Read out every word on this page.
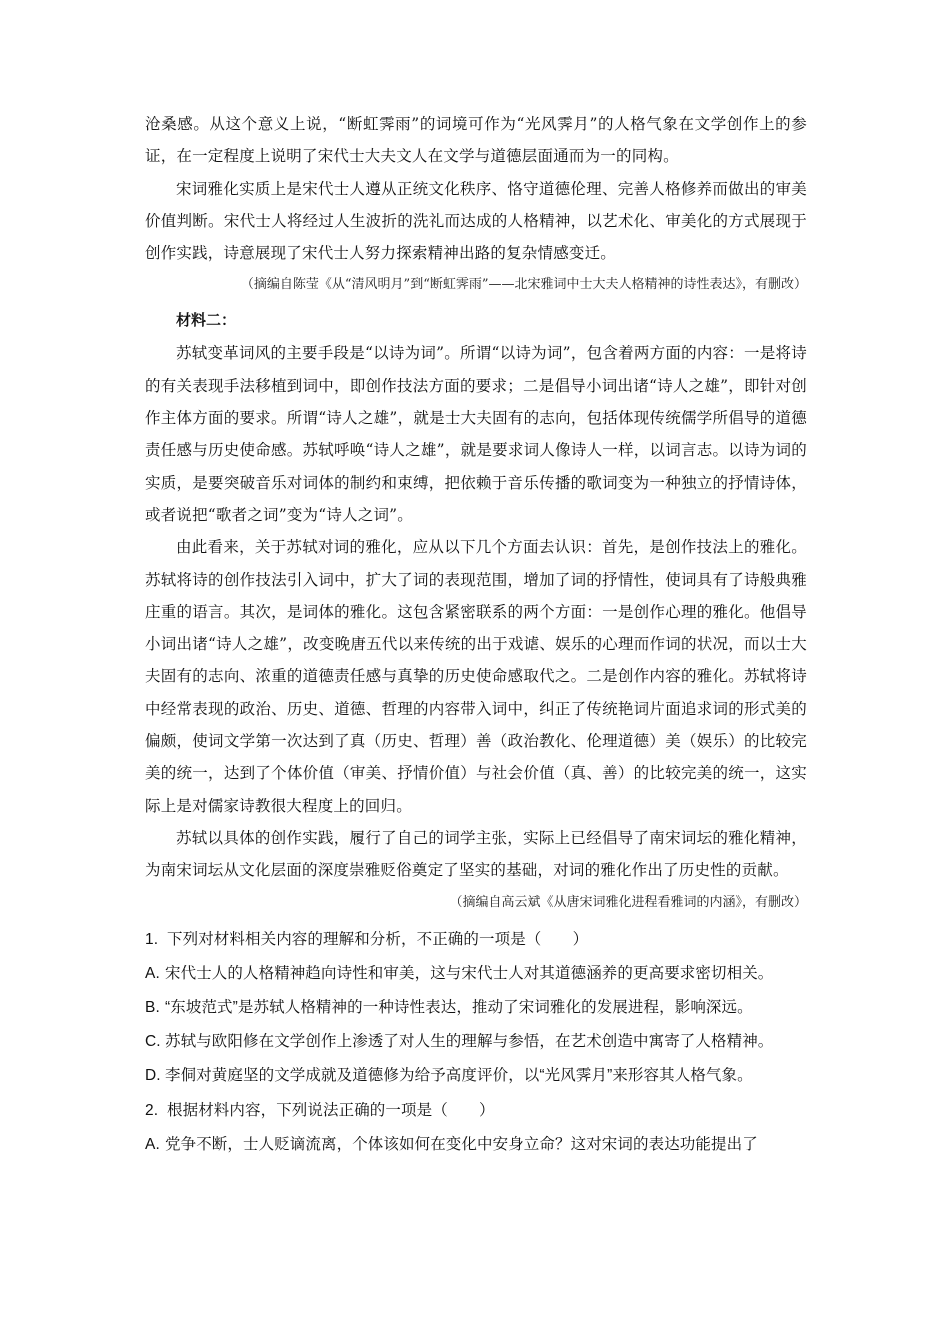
沧桑感。从这个意义上说，“断虹霁雨”的词境可作为“光风霁月”的人格气象在文学创作上的参证，在一定程度上说明了宋代士大夫文人在文学与道德层面通而为一的同构。

宋词雅化实质上是宋代士人遵从正统文化秩序、恪守道德伦理、完善人格修养而做出的审美价值判断。宋代士人将经过人生波折的洗礼而达成的人格精神，以艺术化、审美化的方式展现于创作实践，诗意展现了宋代士人努力探索精神出路的复杂情感变迁。

（摘编自陈莹《从“清风明月”到“断虹霁雨”——北宋雅词中士大夫人格精神的诗性表达》，有删改）

材料二：

苏轼变革词风的主要手段是“以诗为词”。所谓“以诗为词”，包含着两方面的内容：一是将诗的有关表现手法移植到词中，即创作技法方面的要求；二是倡导小词出诸“诗人之雄”，即针对创作主体方面的要求。所谓“诗人之雄”，就是士大夫固有的志向，包括体现传统儒学所倡导的道德责任感与历史使命感。苏轼呼唤“诗人之雄”，就是要求词人像诗人一样，以词言志。以诗为词的实质，是要突破音乐对词体的制约和束缚，把依赖于音乐传播的歌词变为一种独立的抒情诗体，或者说把“歌者之词”变为“诗人之词”。

由此看来，关于苏轼对词的雅化，应从以下几个方面去认识：首先，是创作技法上的雅化。苏轼将诗的创作技法引入词中，扩大了词的表现范围，增加了词的抒情性，使词具有了诗般典雅庄重的语言。其次，是词体的雅化。这包含紧密联系的两个方面：一是创作心理的雅化。他倡导小词出诸“诗人之雄”，改变晚唐五代以来传统的出于戏谑、娱乐的心理而作词的状况，而以士大夫固有的志向、浓重的道德责任感与真挚的历史使命感取代之。二是创作内容的雅化。苏轼将诗中经常表现的政治、历史、道德、哲理的内容带入词中，纠正了传统艳词片面追求词的形式美的偏颇，使词文学第一次达到了真（历史、哲理）善（政治教化、伦理道德）美（娱乐）的比较完美的统一，达到了个体价值（审美、抒情价值）与社会价值（真、善）的比较完美的统一，这实际上是对儒家诗教很大程度上的回归。

苏轼以具体的创作实践，履行了自己的词学主张，实际上已经倡导了南宋词坛的雅化精神，为南宋词坛从文化层面的深度崇雅贬俗奠定了坚实的基础，对词的雅化作出了历史性的贡献。

（摘编自高云斌《从唐宋词雅化进程看雅词的内涵》，有删改）

1. 下列对材料相关内容的理解和分析，不正确的一项是（　　）

A. 宋代士人的人格精神趋向诗性和审美，这与宋代士人对其道德涵养的更高要求密切相关。

B. “东坡范式”是苏轼人格精神的一种诗性表达，推动了宋词雅化的发展进程，影响深远。

C. 苏轼与欧阳修在文学创作上渗透了对人生的理解与参悟，在艺术创造中寓寄了人格精神。

D. 李侗对黄庭坚的文学成就及道德修为给予高度评价，以“光风霁月”来形容其人格气象。

2. 根据材料内容，下列说法正确的一项是（　　）

A. 党争不断，士人贬谪流离，个体该如何在变化中安身立命？这对宋词的表达功能提出了
